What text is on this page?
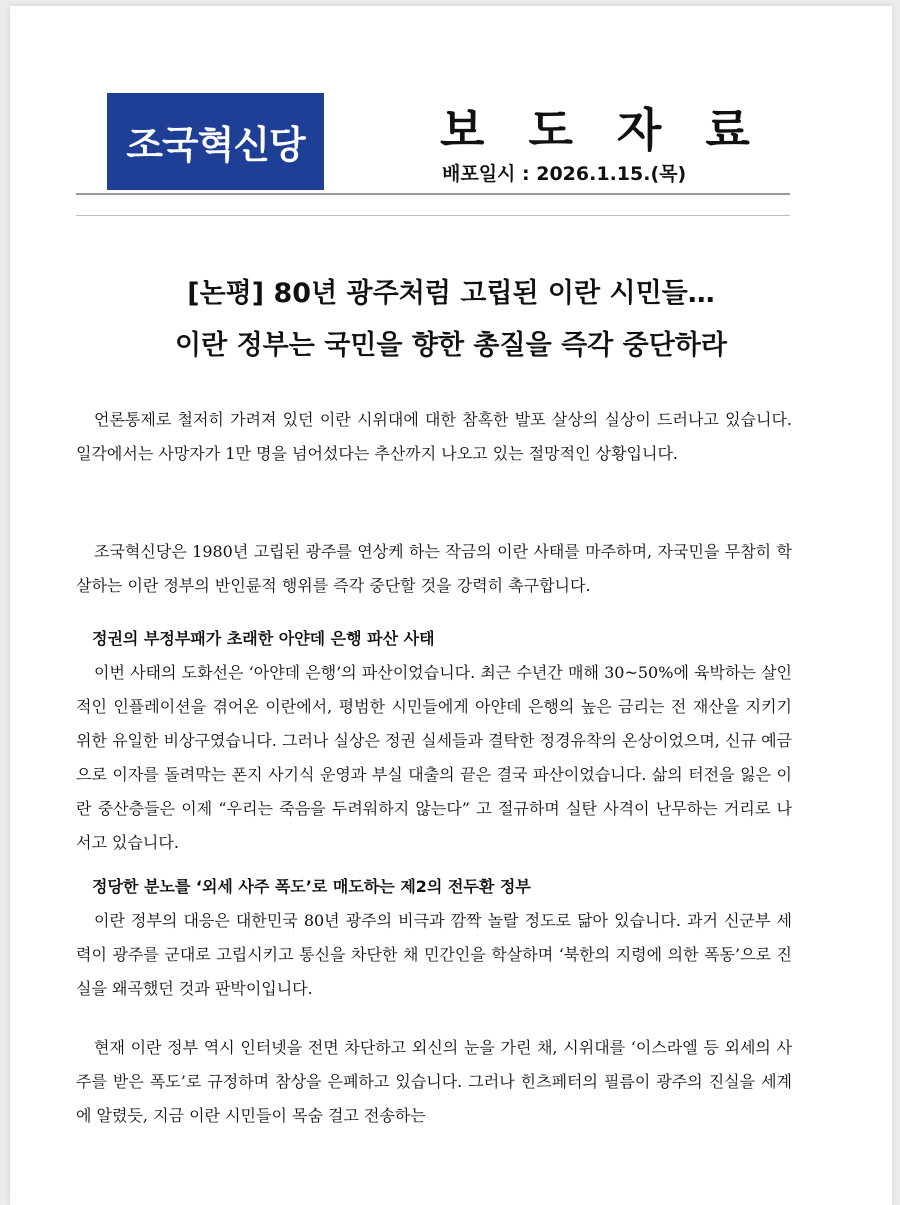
조국혁신당	보 도 자 료
배포일시 : 2026.1.15.(목)
[논평] 80년 광주처럼 고립된 이란 시민들…
이란 정부는 국민을 향한 총질을 즉각 중단하라
언론통제로 철저히 가려져 있던 이란 시위대에 대한 참혹한 발포 살상의 실상이 드러나고 있습니다. 일각에서는 사망자가 1만 명을 넘어섰다는 추산까지 나오고 있는 절망적인 상황입니다.
조국혁신당은 1980년 고립된 광주를 연상케 하는 작금의 이란 사태를 마주하며, 자국민을 무참히 학살하는 이란 정부의 반인륜적 행위를 즉각 중단할 것을 강력히 촉구합니다.
정권의 부정부패가 초래한 아얀데 은행 파산 사태
이번 사태의 도화선은 ‘아얀데 은행’의 파산이었습니다. 최근 수년간 매해 30~50%에 육박하는 살인적인 인플레이션을 겪어온 이란에서, 평범한 시민들에게 아얀데 은행의 높은 금리는 전 재산을 지키기 위한 유일한 비상구였습니다. 그러나 실상은 정권 실세들과 결탁한 정경유착의 온상이었으며, 신규 예금으로 이자를 돌려막는 폰지 사기식 운영과 부실 대출의 끝은 결국 파산이었습니다. 삶의 터전을 잃은 이란 중산층들은 이제 “우리는 죽음을 두려워하지 않는다” 고 절규하며 실탄 사격이 난무하는 거리로 나서고 있습니다.
정당한 분노를 ‘외세 사주 폭도’로 매도하는 제2의 전두환 정부
이란 정부의 대응은 대한민국 80년 광주의 비극과 깜짝 놀랄 정도로 닮아 있습니다. 과거 신군부 세력이 광주를 군대로 고립시키고 통신을 차단한 채 민간인을 학살하며 ‘북한의 지령에 의한 폭동’으로 진실을 왜곡했던 것과 판박이입니다.
현재 이란 정부 역시 인터넷을 전면 차단하고 외신의 눈을 가린 채, 시위대를 ‘이스라엘 등 외세의 사주를 받은 폭도’로 규정하며 참상을 은폐하고 있습니다. 그러나 힌츠페터의 필름이 광주의 진실을 세계에 알렸듯, 지금 이란 시민들이 목숨 걸고 전송하는
